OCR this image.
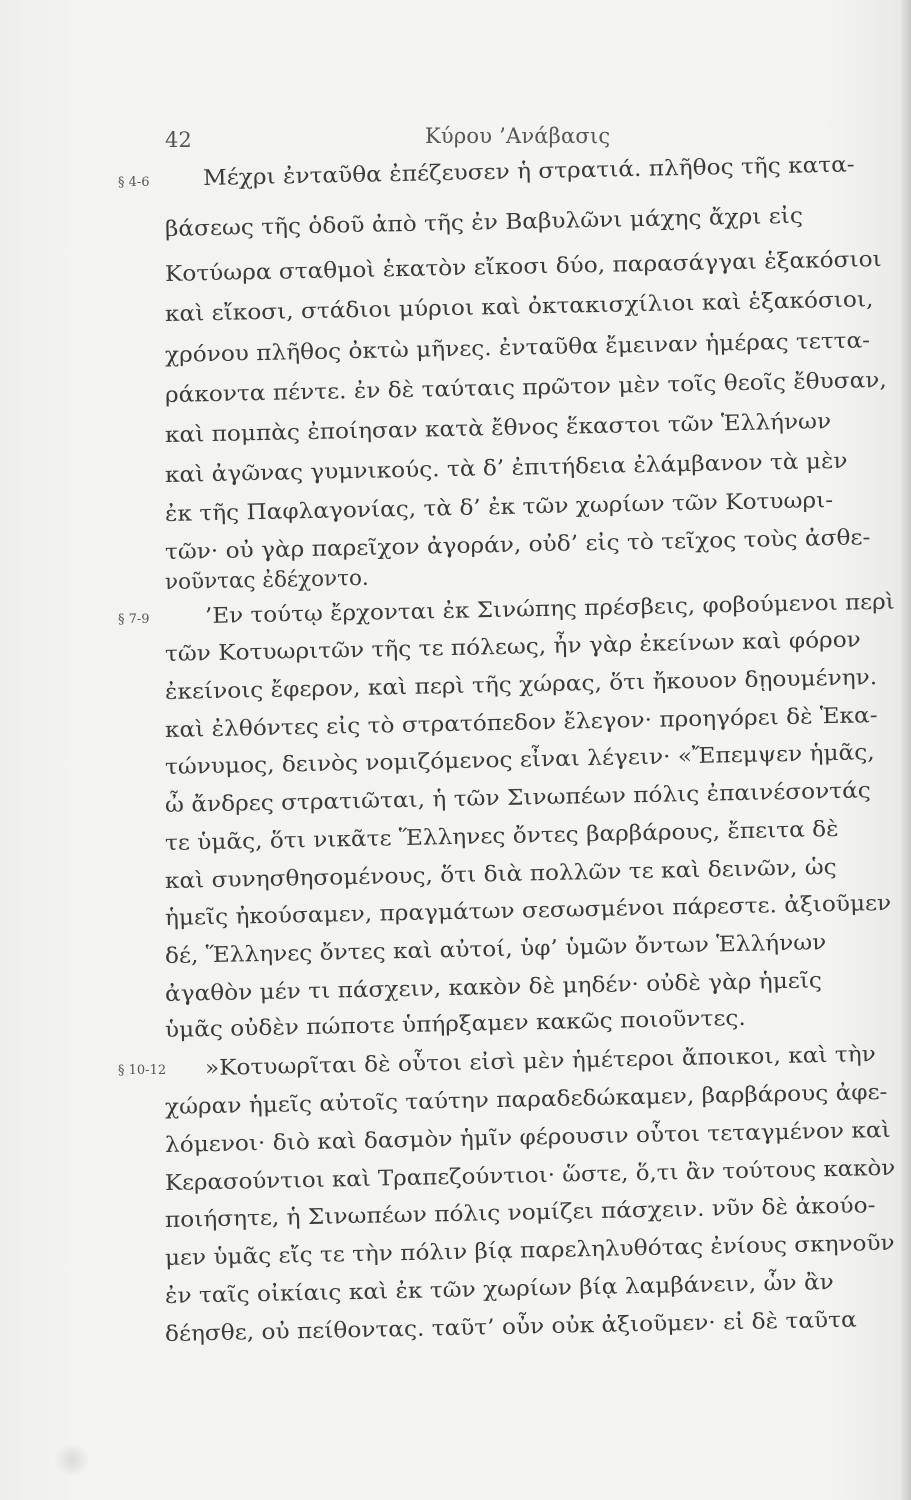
42	Κύρου ’Ανάβασις
§ 4-6 Μέχρι ἐνταῦθα ἐπέζευσεν ἡ στρατιά. πλῆθος τῆς κατα-
βάσεως τῆς ὁδοῦ ἀπὸ τῆς ἐν Βαβυλῶνι μάχης ἄχρι εἰς
Κοτύωρα σταθμοὶ ἑκατὸν εἴκοσι δύο, παρασάγγαι ἑξακόσιοι
καὶ εἴκοσι, στάδιοι μύριοι καὶ ὀκτακισχίλιοι καὶ ἑξακόσιοι,
χρόνου πλῆθος ὀκτὼ μῆνες. ἐνταῦθα ἔμειναν ἡμέρας τεττα-
ράκοντα πέντε. ἐν δὲ ταύταις πρῶτον μὲν τοῖς θεοῖς ἔθυσαν,
καὶ πομπὰς ἐποίησαν κατὰ ἔθνος ἕκαστοι τῶν Ἑλλήνων
καὶ ἀγῶνας γυμνικούς. τὰ δ’ ἐπιτήδεια ἐλάμβανον τὰ μὲν
ἐκ τῆς Παφλαγονίας, τὰ δ’ ἐκ τῶν χωρίων τῶν Κοτυωρι-
τῶν· οὐ γὰρ παρεῖχον ἀγοράν, οὐδ’ εἰς τὸ τεῖχος τοὺς ἀσθε-
νοῦντας ἐδέχοντο.
§ 7-9	’Εν τούτῳ ἔρχονται ἐκ Σινώπης πρέσβεις, φοβούμενοι περὶ
τῶν Κοτυωριτῶν τῆς τε πόλεως, ἦν γὰρ ἐκείνων καὶ φόρον
ἐκείνοις ἔφερον, καὶ περὶ τῆς χώρας, ὅτι ἤκουον δῃουμένην.
καὶ ἐλθόντες εἰς τὸ στρατόπεδον ἔλεγον· προηγόρει δὲ Ἑκα-
τώνυμος, δεινὸς νομιζόμενος εἶναι λέγειν· «Ἔπεμψεν ἡμᾶς,
ὦ ἄνδρες στρατιῶται, ἡ τῶν Σινωπέων πόλις ἐπαινέσοντάς
τε ὑμᾶς, ὅτι νικᾶτε Ἕλληνες ὄντες βαρβάρους, ἔπειτα δὲ
καὶ συνησθησομένους, ὅτι διὰ πολλῶν τε καὶ δεινῶν, ὡς
ἡμεῖς ἠκούσαμεν, πραγμάτων σεσωσμένοι πάρεστε. ἀξιοῦμεν
δέ, Ἕλληνες ὄντες καὶ αὐτοί, ὑφ’ ὑμῶν ὄντων Ἑλλήνων
ἀγαθὸν μέν τι πάσχειν, κακὸν δὲ μηδέν· οὐδὲ γὰρ ἡμεῖς
ὑμᾶς οὐδὲν πώποτε ὑπήρξαμεν κακῶς ποιοῦντες.
§ 10-12 »Κοτυωρῖται δὲ οὗτοι εἰσὶ μὲν ἡμέτεροι ἄποικοι, καὶ τὴν
χώραν ἡμεῖς αὐτοῖς ταύτην παραδεδώκαμεν, βαρβάρους ἀφε-
λόμενοι· διὸ καὶ δασμὸν ἡμῖν φέρουσιν οὗτοι τεταγμένον καὶ
Κερασούντιοι καὶ Τραπεζούντιοι· ὥστε, ὅ,τι ἂν τούτους κακὸν
ποιήσητε, ἡ Σινωπέων πόλις νομίζει πάσχειν. νῦν δὲ ἀκούο-
μεν ὑμᾶς εἴς τε τὴν πόλιν βίᾳ παρεληλυθότας ἐνίους σκηνοῦν
ἐν ταῖς οἰκίαις καὶ ἐκ τῶν χωρίων βίᾳ λαμβάνειν, ὧν ἂν
δέησθε, οὐ πείθοντας. ταῦτ’ οὖν οὐκ ἀξιοῦμεν· εἰ δὲ ταῦτα
